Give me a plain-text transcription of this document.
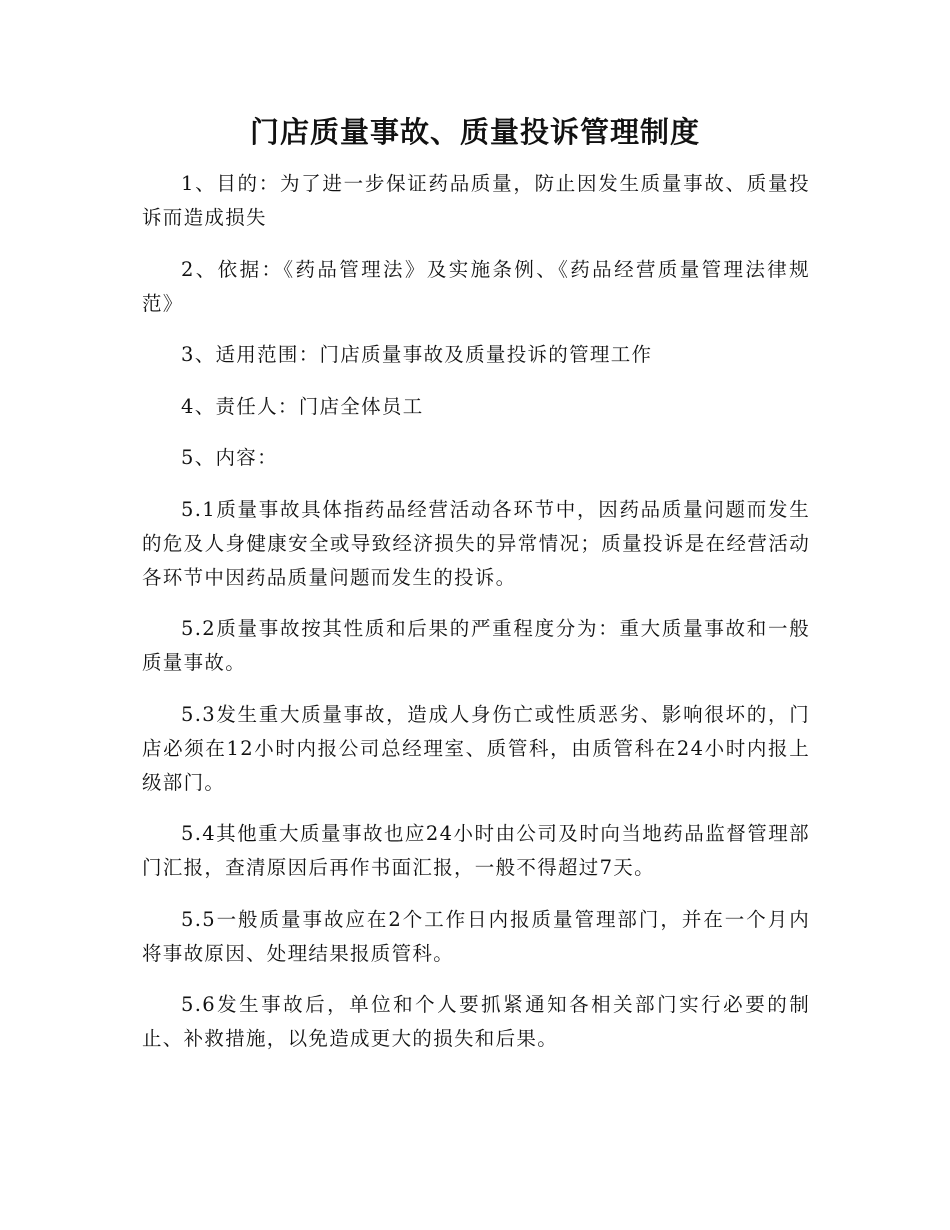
门店质量事故、质量投诉管理制度

1、目的：为了进一步保证药品质量，防止因发生质量事故、质量投诉而造成损失

2、依据：《药品管理法》及实施条例、《药品经营质量管理法律规范》

3、适用范围：门店质量事故及质量投诉的管理工作

4、责任人：门店全体员工

5、内容：

5.1质量事故具体指药品经营活动各环节中，因药品质量问题而发生的危及人身健康安全或导致经济损失的异常情况；质量投诉是在经营活动各环节中因药品质量问题而发生的投诉。

5.2质量事故按其性质和后果的严重程度分为：重大质量事故和一般质量事故。

5.3发生重大质量事故，造成人身伤亡或性质恶劣、影响很坏的，门店必须在12小时内报公司总经理室、质管科，由质管科在24小时内报上级部门。

5.4其他重大质量事故也应24小时由公司及时向当地药品监督管理部门汇报，查清原因后再作书面汇报，一般不得超过7天。

5.5一般质量事故应在2个工作日内报质量管理部门，并在一个月内将事故原因、处理结果报质管科。

5.6发生事故后，单位和个人要抓紧通知各相关部门实行必要的制止、补救措施，以免造成更大的损失和后果。
